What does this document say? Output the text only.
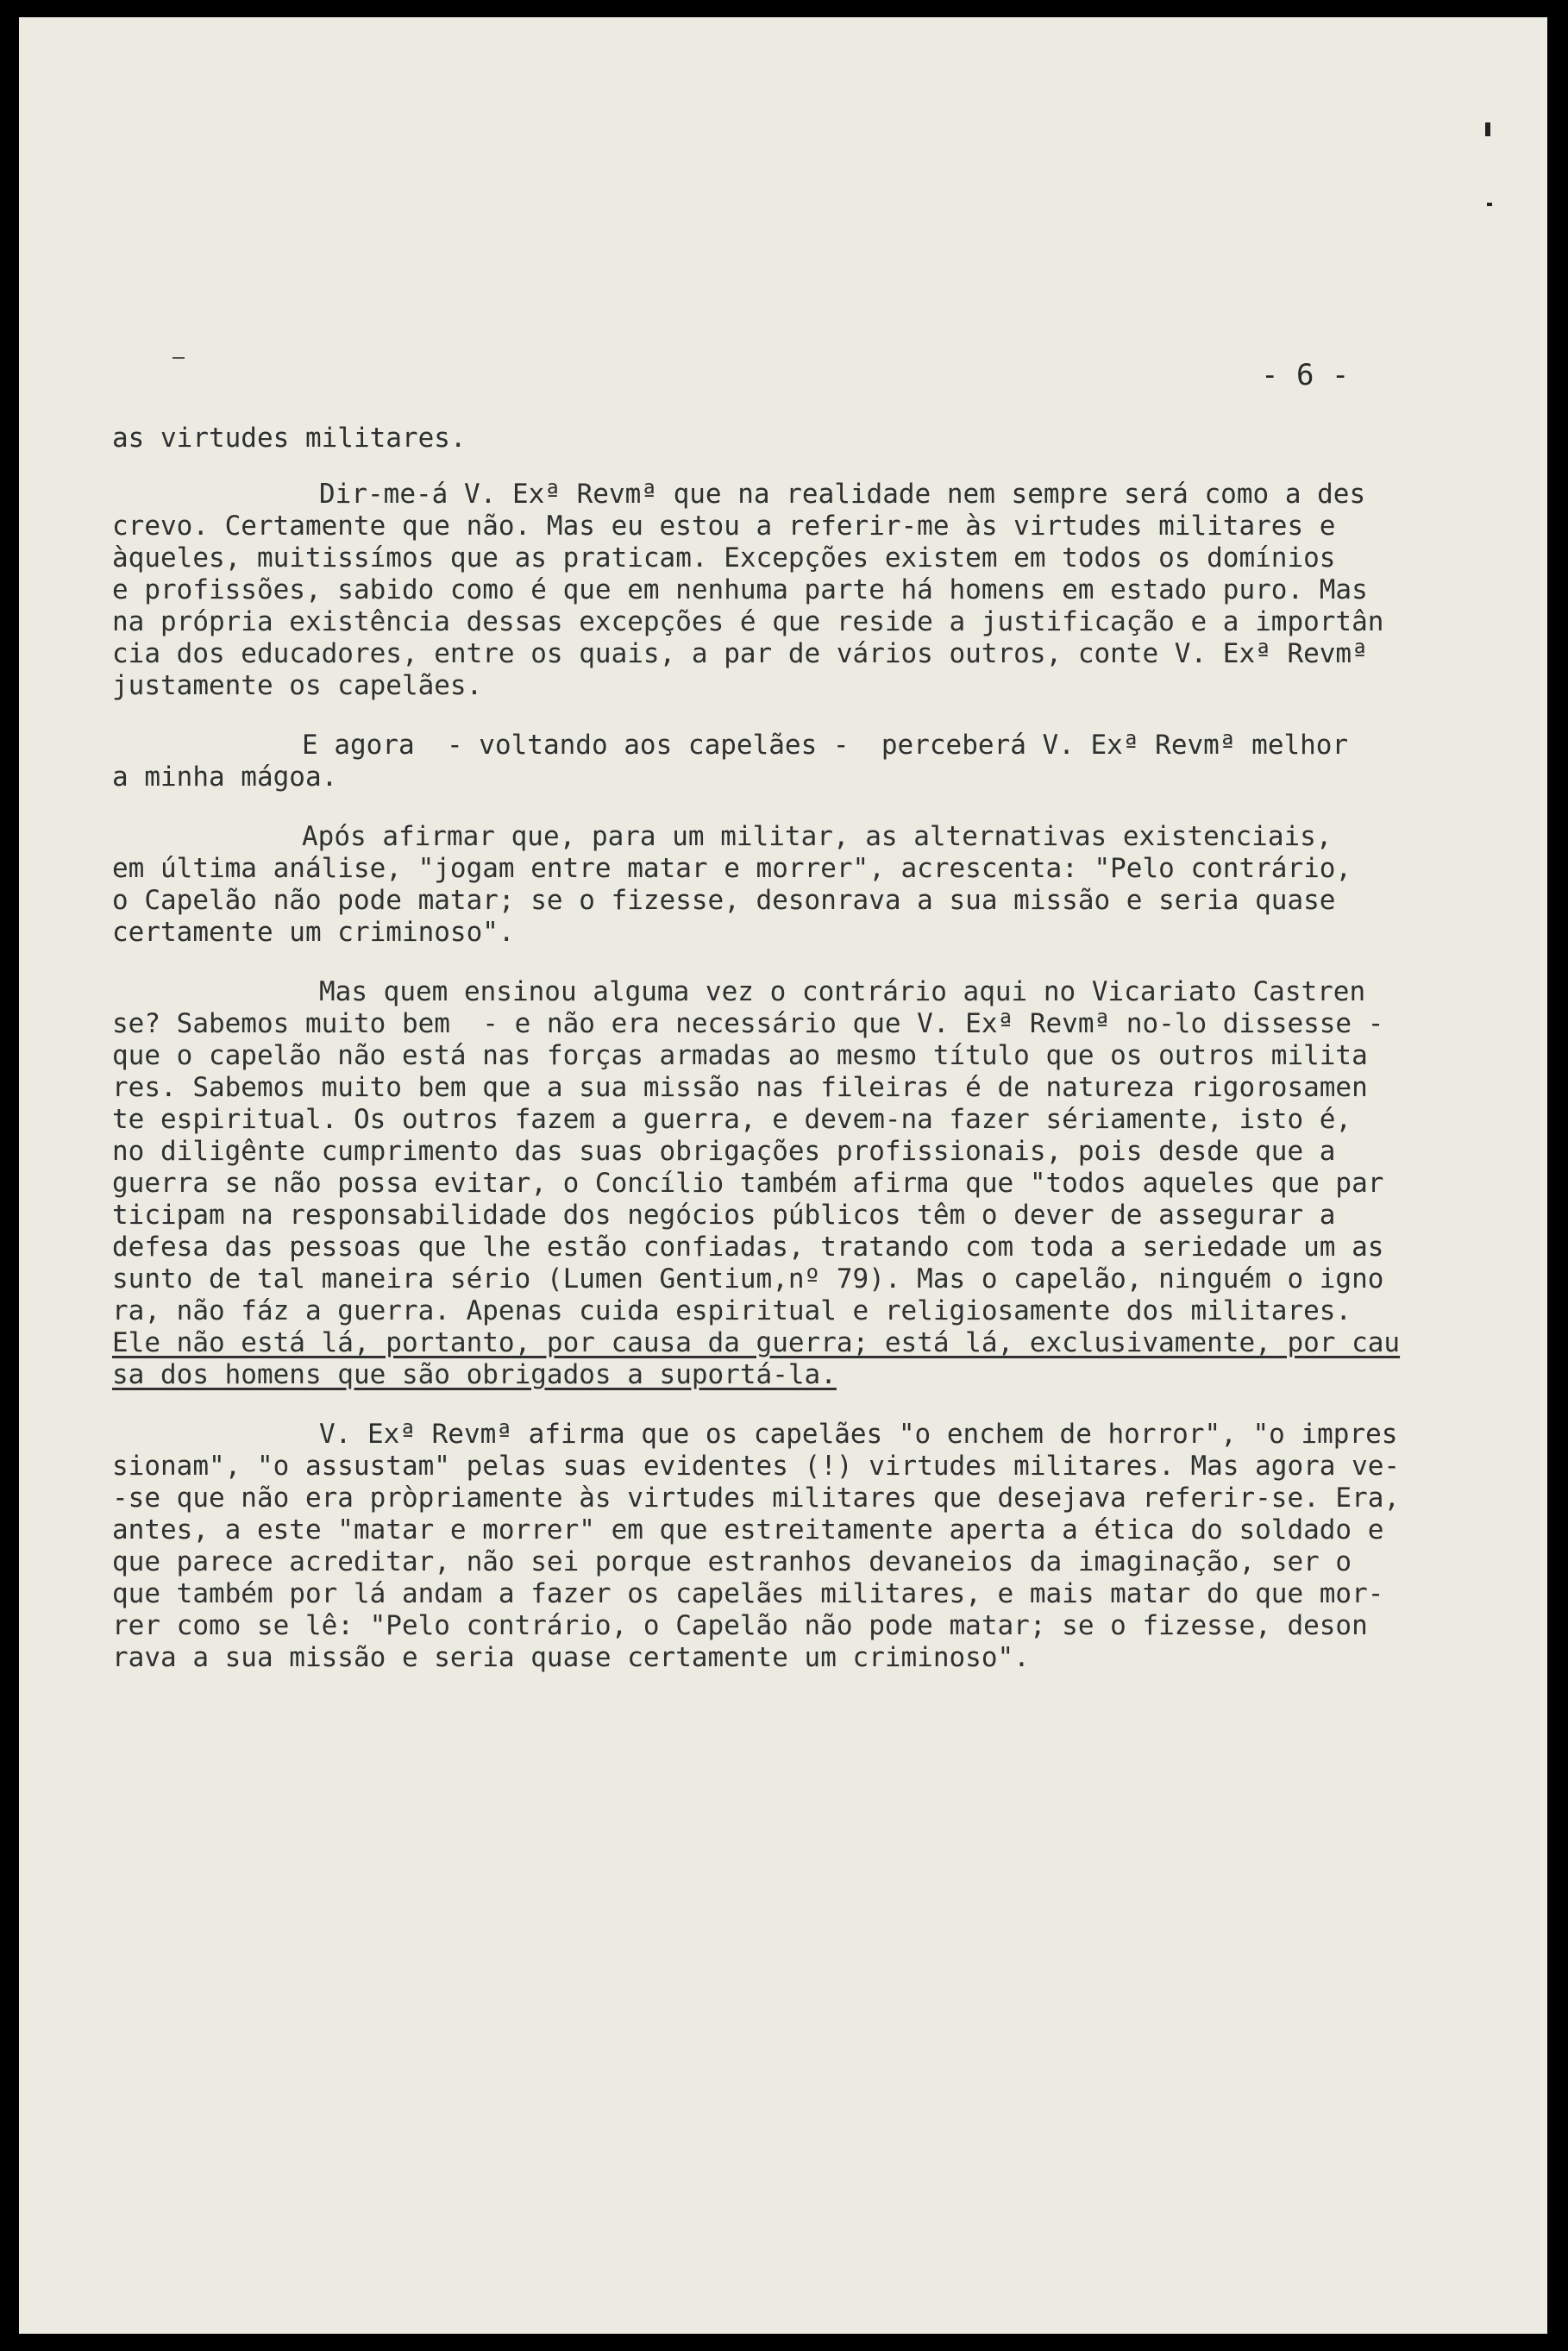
- 6 -
as virtudes militares.
Dir-me-á V. Exª Revmª que na realidade nem sempre será como a des
crevo. Certamente que não. Mas eu estou a referir-me às virtudes militares e
àqueles, muitissímos que as praticam. Excepções existem em todos os domínios
e profissões, sabido como é que em nenhuma parte há homens em estado puro. Mas
na própria existência dessas excepções é que reside a justificação e a importân
cia dos educadores, entre os quais, a par de vários outros, conte V. Exª Revmª
justamente os capelães.
E agora  - voltando aos capelães -  perceberá V. Exª Revmª melhor
a minha mágoa.
Após afirmar que, para um militar, as alternativas existenciais,
em última análise, "jogam entre matar e morrer", acrescenta: "Pelo contrário,
o Capelão não pode matar; se o fizesse, desonrava a sua missão e seria quase
certamente um criminoso".
Mas quem ensinou alguma vez o contrário aqui no Vicariato Castren
se? Sabemos muito bem  - e não era necessário que V. Exª Revmª no-lo dissesse -
que o capelão não está nas forças armadas ao mesmo título que os outros milita
res. Sabemos muito bem que a sua missão nas fileiras é de natureza rigorosamen
te espiritual. Os outros fazem a guerra, e devem-na fazer sériamente, isto é,
no diligênte cumprimento das suas obrigações profissionais, pois desde que a
guerra se não possa evitar, o Concílio também afirma que "todos aqueles que par
ticipam na responsabilidade dos negócios públicos têm o dever de assegurar a
defesa das pessoas que lhe estão confiadas, tratando com toda a seriedade um as
sunto de tal maneira sério (Lumen Gentium,nº 79). Mas o capelão, ninguém o igno
ra, não fáz a guerra. Apenas cuida espiritual e religiosamente dos militares.
Ele não está lá, portanto, por causa da guerra; está lá, exclusivamente, por cau
sa dos homens que são obrigados a suportá-la.
V. Exª Revmª afirma que os capelães "o enchem de horror", "o impres
sionam", "o assustam" pelas suas evidentes (!) virtudes militares. Mas agora ve-
-se que não era pròpriamente às virtudes militares que desejava referir-se. Era,
antes, a este "matar e morrer" em que estreitamente aperta a ética do soldado e
que parece acreditar, não sei porque estranhos devaneios da imaginação, ser o
que também por lá andam a fazer os capelães militares, e mais matar do que mor-
rer como se lê: "Pelo contrário, o Capelão não pode matar; se o fizesse, deson
rava a sua missão e seria quase certamente um criminoso".
